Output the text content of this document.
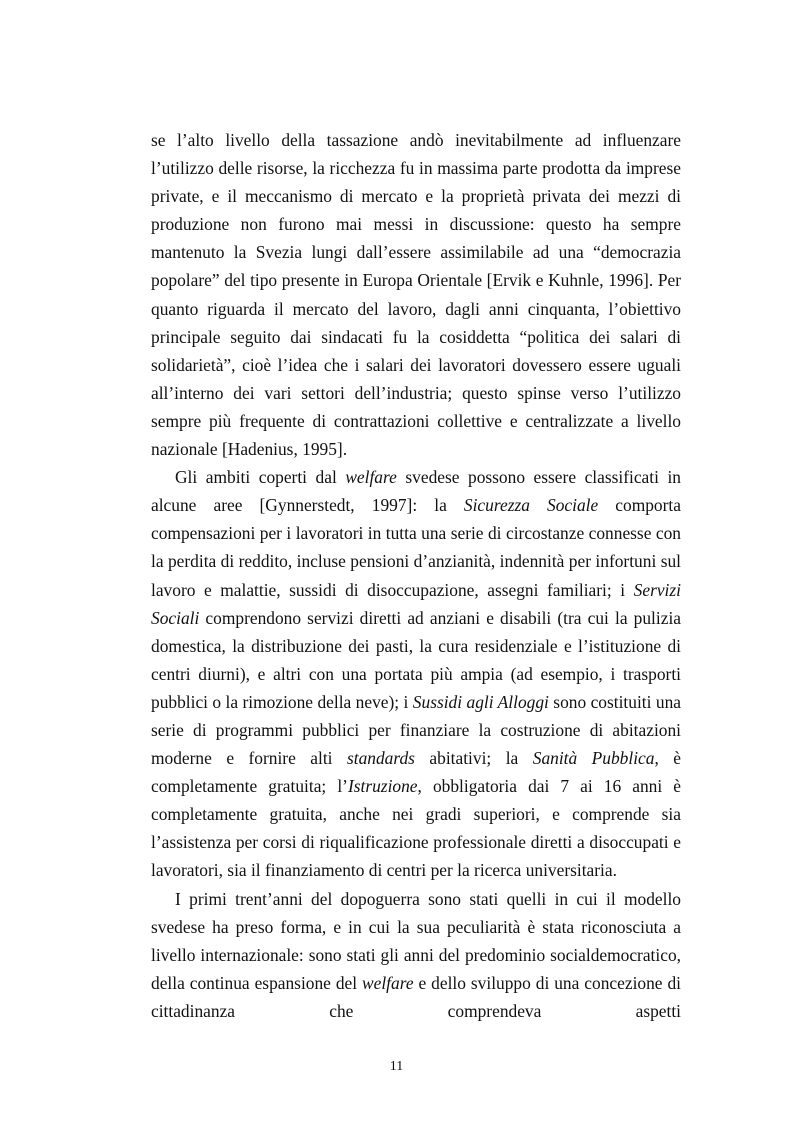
se l’alto livello della tassazione andò inevitabilmente ad influenzare l’utilizzo delle risorse, la ricchezza fu in massima parte prodotta da imprese private, e il meccanismo di mercato e la proprietà privata dei mezzi di produzione non furono mai messi in discussione: questo ha sempre mantenuto la Svezia lungi dall’essere assimilabile ad una “democrazia popolare” del tipo presente in Europa Orientale [Ervik e Kuhnle, 1996]. Per quanto riguarda il mercato del lavoro, dagli anni cinquanta, l’obiettivo principale seguito dai sindacati fu la cosiddetta “politica dei salari di solidarietà”, cioè l’idea che i salari dei lavoratori dovessero essere uguali all’interno dei vari settori dell’industria; questo spinse verso l’utilizzo sempre più frequente di contrattazioni collettive e centralizzate a livello nazionale [Hadenius, 1995].

Gli ambiti coperti dal welfare svedese possono essere classificati in alcune aree [Gynnerstedt, 1997]: la Sicurezza Sociale comporta compensazioni per i lavoratori in tutta una serie di circostanze connesse con la perdita di reddito, incluse pensioni d’anzianità, indennità per infortuni sul lavoro e malattie, sussidi di disoccupazione, assegni familiari; i Servizi Sociali comprendono servizi diretti ad anziani e disabili (tra cui la pulizia domestica, la distribuzione dei pasti, la cura residenziale e l’istituzione di centri diurni), e altri con una portata più ampia (ad esempio, i trasporti pubblici o la rimozione della neve); i Sussidi agli Alloggi sono costituiti una serie di programmi pubblici per finanziare la costruzione di abitazioni moderne e fornire alti standards abitativi; la Sanità Pubblica, è completamente gratuita; l’Istruzione, obbligatoria dai 7 ai 16 anni è completamente gratuita, anche nei gradi superiori, e comprende sia l’assistenza per corsi di riqualificazione professionale diretti a disoccupati e lavoratori, sia il finanziamento di centri per la ricerca universitaria.

I primi trent’anni del dopoguerra sono stati quelli in cui il modello svedese ha preso forma, e in cui la sua peculiarità è stata riconosciuta a livello internazionale: sono stati gli anni del predominio socialdemocratico, della continua espansione del welfare e dello sviluppo di una concezione di cittadinanza che comprendeva aspetti

11
